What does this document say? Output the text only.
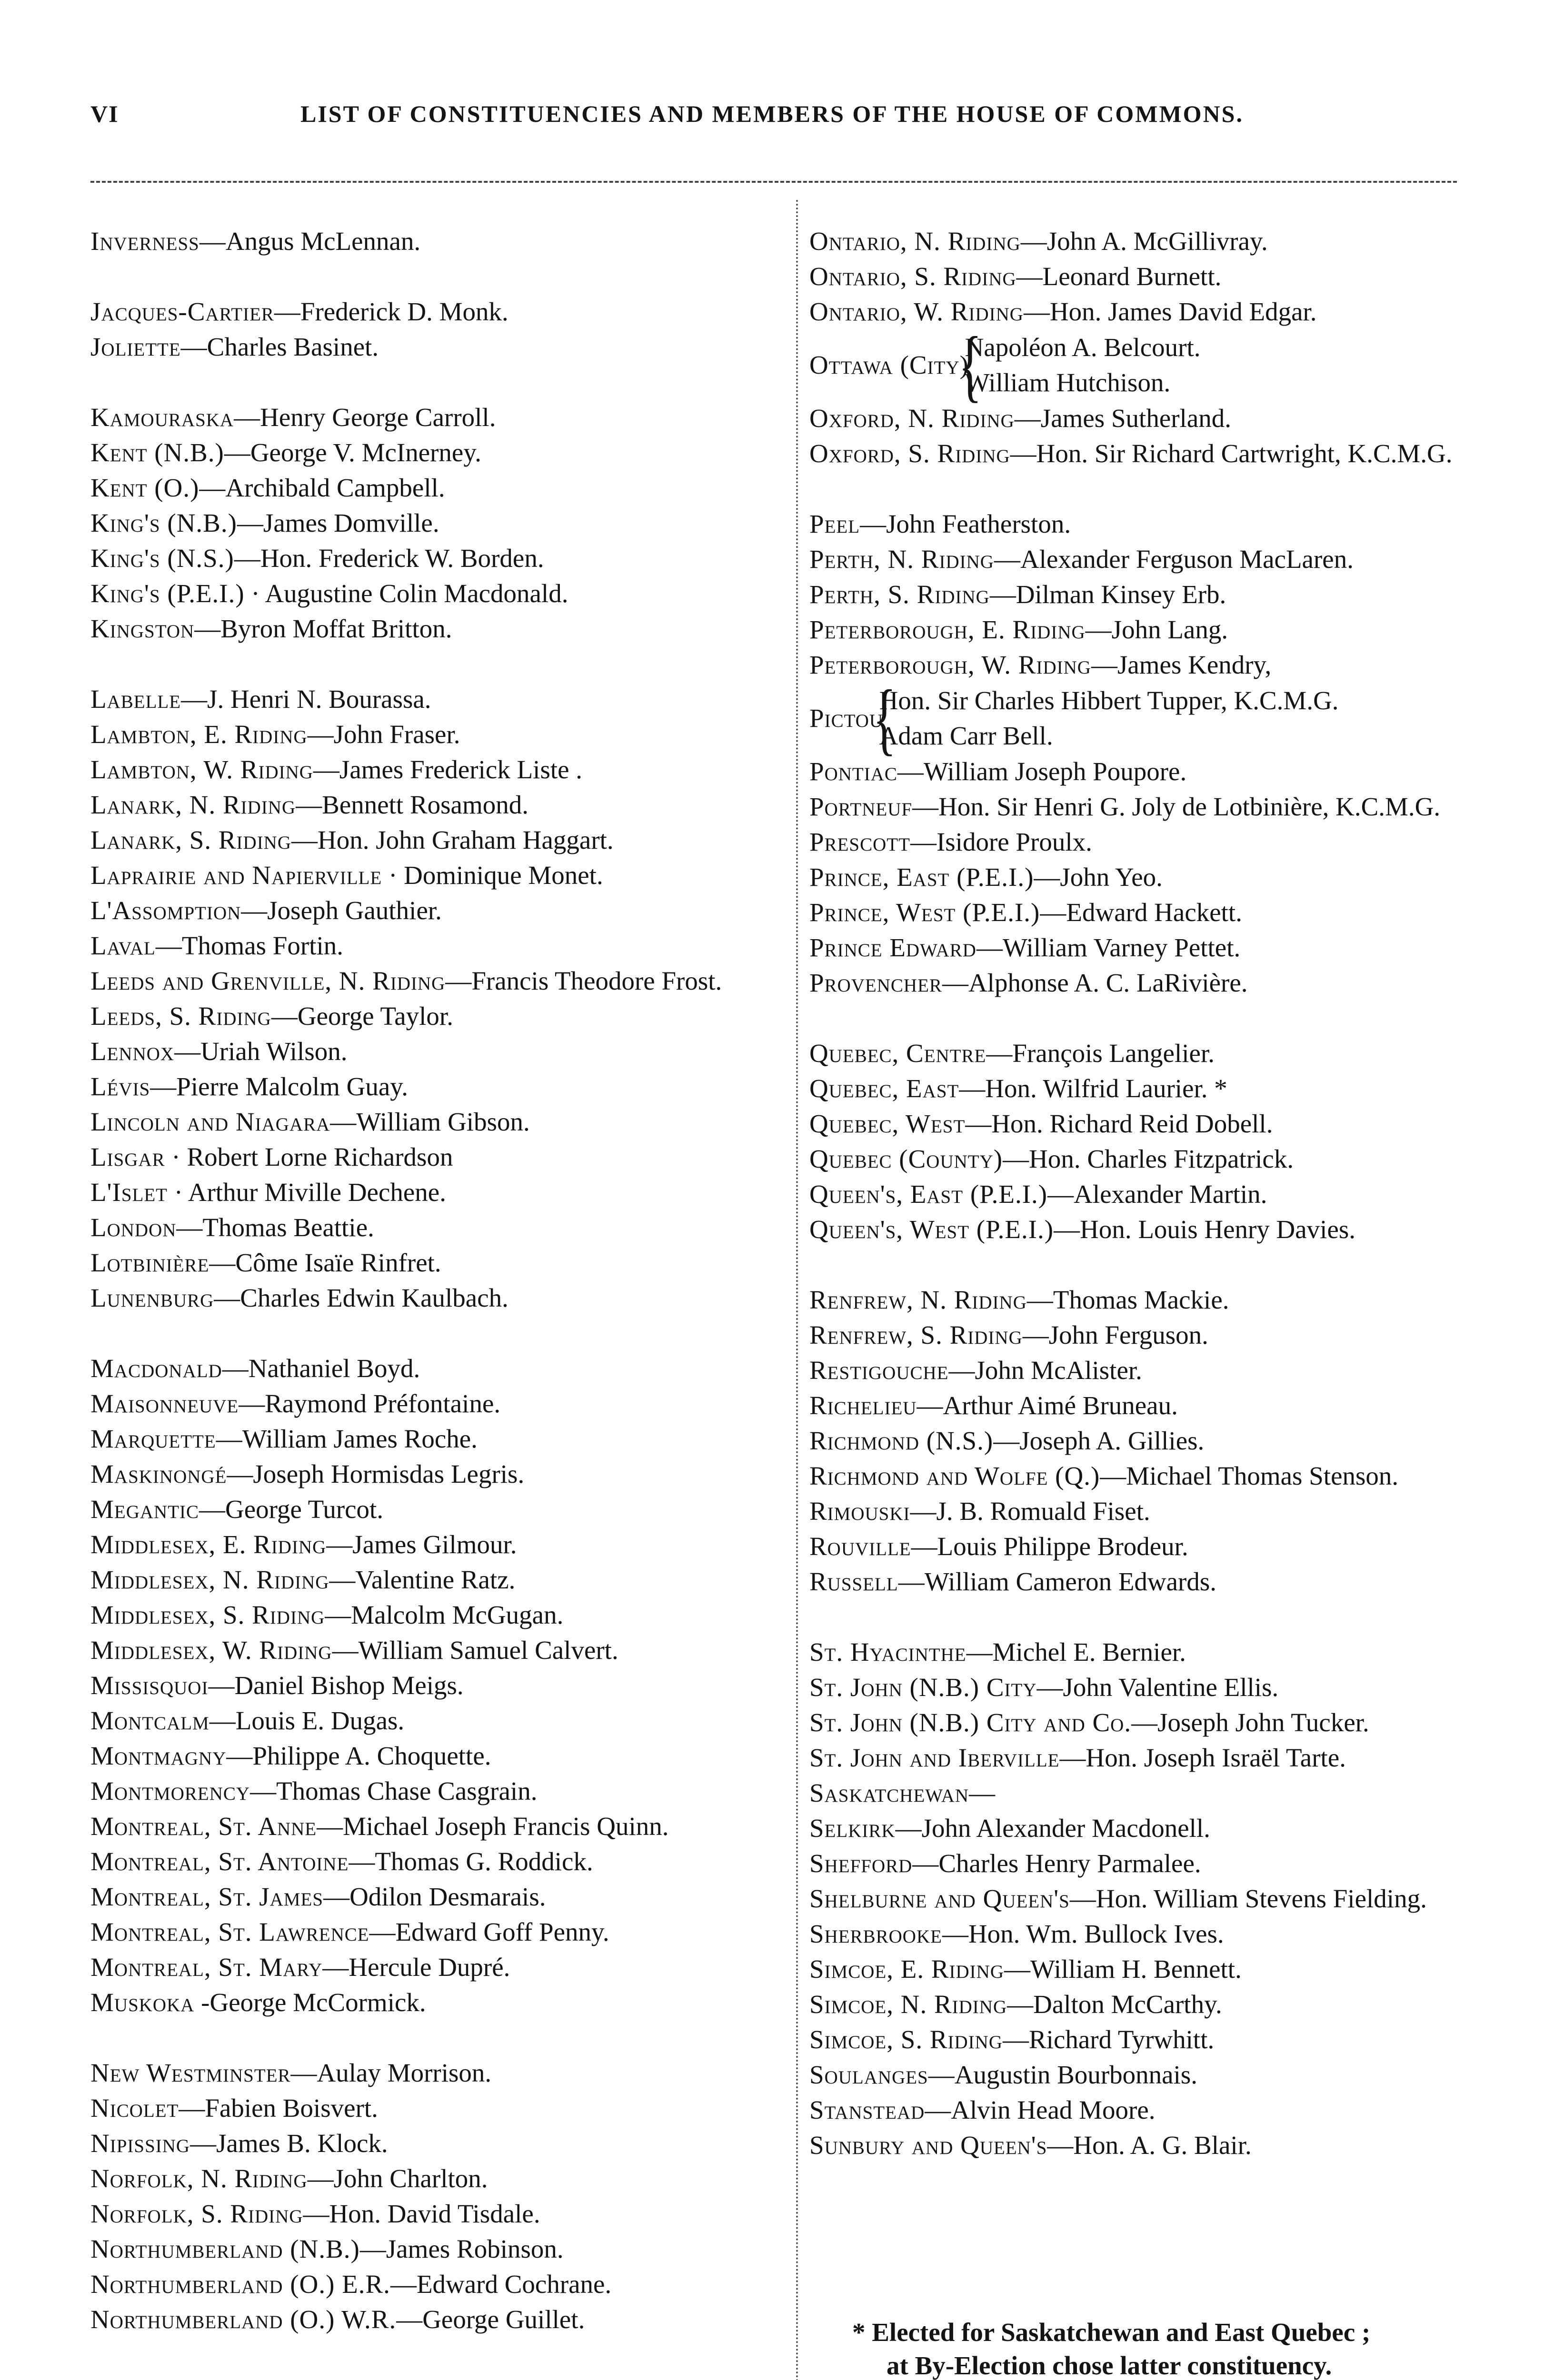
VI	LIST OF CONSTITUENCIES AND MEMBERS OF THE HOUSE OF COMMONS.
Inverness—Angus McLennan.
Jacques-Cartier—Frederick D. Monk.
Joliette—Charles Basinet.
Kamouraska—Henry George Carroll.
Kent (N.B.)—George V. McInerney.
Kent (O.)—Archibald Campbell.
King's (N.B.)—James Domville.
King's (N.S.)—Hon. Frederick W. Borden.
King's (P.E.I.) · Augustine Colin Macdonald.
Kingston—Byron Moffat Britton.
Labelle—J. Henri N. Bourassa.
Lambton, E. Riding—John Fraser.
Lambton, W. Riding—James Frederick Liste .
Lanark, N. Riding—Bennett Rosamond.
Lanark, S. Riding—Hon. John Graham Haggart.
Laprairie and Napierville · Dominique Monet.
L'Assomption—Joseph Gauthier.
Laval—Thomas Fortin.
Leeds and Grenville, N. Riding—Francis Theodore Frost.
Leeds, S. Riding—George Taylor.
Lennox—Uriah Wilson.
Lévis—Pierre Malcolm Guay.
Lincoln and Niagara—William Gibson.
Lisgar · Robert Lorne Richardson
L'Islet · Arthur Miville Dechene.
London—Thomas Beattie.
Lotbinière—Côme Isaïe Rinfret.
Lunenburg—Charles Edwin Kaulbach.
Macdonald—Nathaniel Boyd.
Maisonneuve—Raymond Préfontaine.
Marquette—William James Roche.
Maskinongé—Joseph Hormisdas Legris.
Megantic—George Turcot.
Middlesex, E. Riding—James Gilmour.
Middlesex, N. Riding—Valentine Ratz.
Middlesex, S. Riding—Malcolm McGugan.
Middlesex, W. Riding—William Samuel Calvert.
Missisquoi—Daniel Bishop Meigs.
Montcalm—Louis E. Dugas.
Montmagny—Philippe A. Choquette.
Montmorency—Thomas Chase Casgrain.
Montreal, St. Anne—Michael Joseph Francis Quinn.
Montreal, St. Antoine—Thomas G. Roddick.
Montreal, St. James—Odilon Desmarais.
Montreal, St. Lawrence—Edward Goff Penny.
Montreal, St. Mary—Hercule Dupré.
Muskoka -George McCormick.
New Westminster—Aulay Morrison.
Nicolet—Fabien Boisvert.
Nipissing—James B. Klock.
Norfolk, N. Riding—John Charlton.
Norfolk, S. Riding—Hon. David Tisdale.
Northumberland (N.B.)—James Robinson.
Northumberland (O.) E.R.—Edward Cochrane.
Northumberland (O.) W.R.—George Guillet.
Ontario, N. Riding—John A. McGillivray.
Ontario, S. Riding—Leonard Burnett.
Ontario, W. Riding—Hon. James David Edgar.
Ottawa (City)
{
Napoléon A. Belcourt.
William Hutchison.
Oxford, N. Riding—James Sutherland.
Oxford, S. Riding—Hon. Sir Richard Cartwright, K.C.M.G.
Peel—John Featherston.
Perth, N. Riding—Alexander Ferguson MacLaren.
Perth, S. Riding—Dilman Kinsey Erb.
Peterborough, E. Riding—John Lang.
Peterborough, W. Riding—James Kendry,
Pictou
{
Hon. Sir Charles Hibbert Tupper, K.C.M.G.
Adam Carr Bell.
Pontiac—William Joseph Poupore.
Portneuf—Hon. Sir Henri G. Joly de Lotbinière, K.C.M.G.
Prescott—Isidore Proulx.
Prince, East (P.E.I.)—John Yeo.
Prince, West (P.E.I.)—Edward Hackett.
Prince Edward—William Varney Pettet.
Provencher—Alphonse A. C. LaRivière.
Quebec, Centre—François Langelier.
Quebec, East—Hon. Wilfrid Laurier. *
Quebec, West—Hon. Richard Reid Dobell.
Quebec (County)—Hon. Charles Fitzpatrick.
Queen's, East (P.E.I.)—Alexander Martin.
Queen's, West (P.E.I.)—Hon. Louis Henry Davies.
Renfrew, N. Riding—Thomas Mackie.
Renfrew, S. Riding—John Ferguson.
Restigouche—John McAlister.
Richelieu—Arthur Aimé Bruneau.
Richmond (N.S.)—Joseph A. Gillies.
Richmond and Wolfe (Q.)—Michael Thomas Stenson.
Rimouski—J. B. Romuald Fiset.
Rouville—Louis Philippe Brodeur.
Russell—William Cameron Edwards.
St. Hyacinthe—Michel E. Bernier.
St. John (N.B.) City—John Valentine Ellis.
St. John (N.B.) City and Co.—Joseph John Tucker.
St. John and Iberville—Hon. Joseph Israël Tarte.
Saskatchewan—
Selkirk—John Alexander Macdonell.
Shefford—Charles Henry Parmalee.
Shelburne and Queen's—Hon. William Stevens Fielding.
Sherbrooke—Hon. Wm. Bullock Ives.
Simcoe, E. Riding—William H. Bennett.
Simcoe, N. Riding—Dalton McCarthy.
Simcoe, S. Riding—Richard Tyrwhitt.
Soulanges—Augustin Bourbonnais.
Stanstead—Alvin Head Moore.
Sunbury and Queen's—Hon. A. G. Blair.
* Elected for Saskatchewan and East Quebec ;
at By-Election chose latter constituency.
